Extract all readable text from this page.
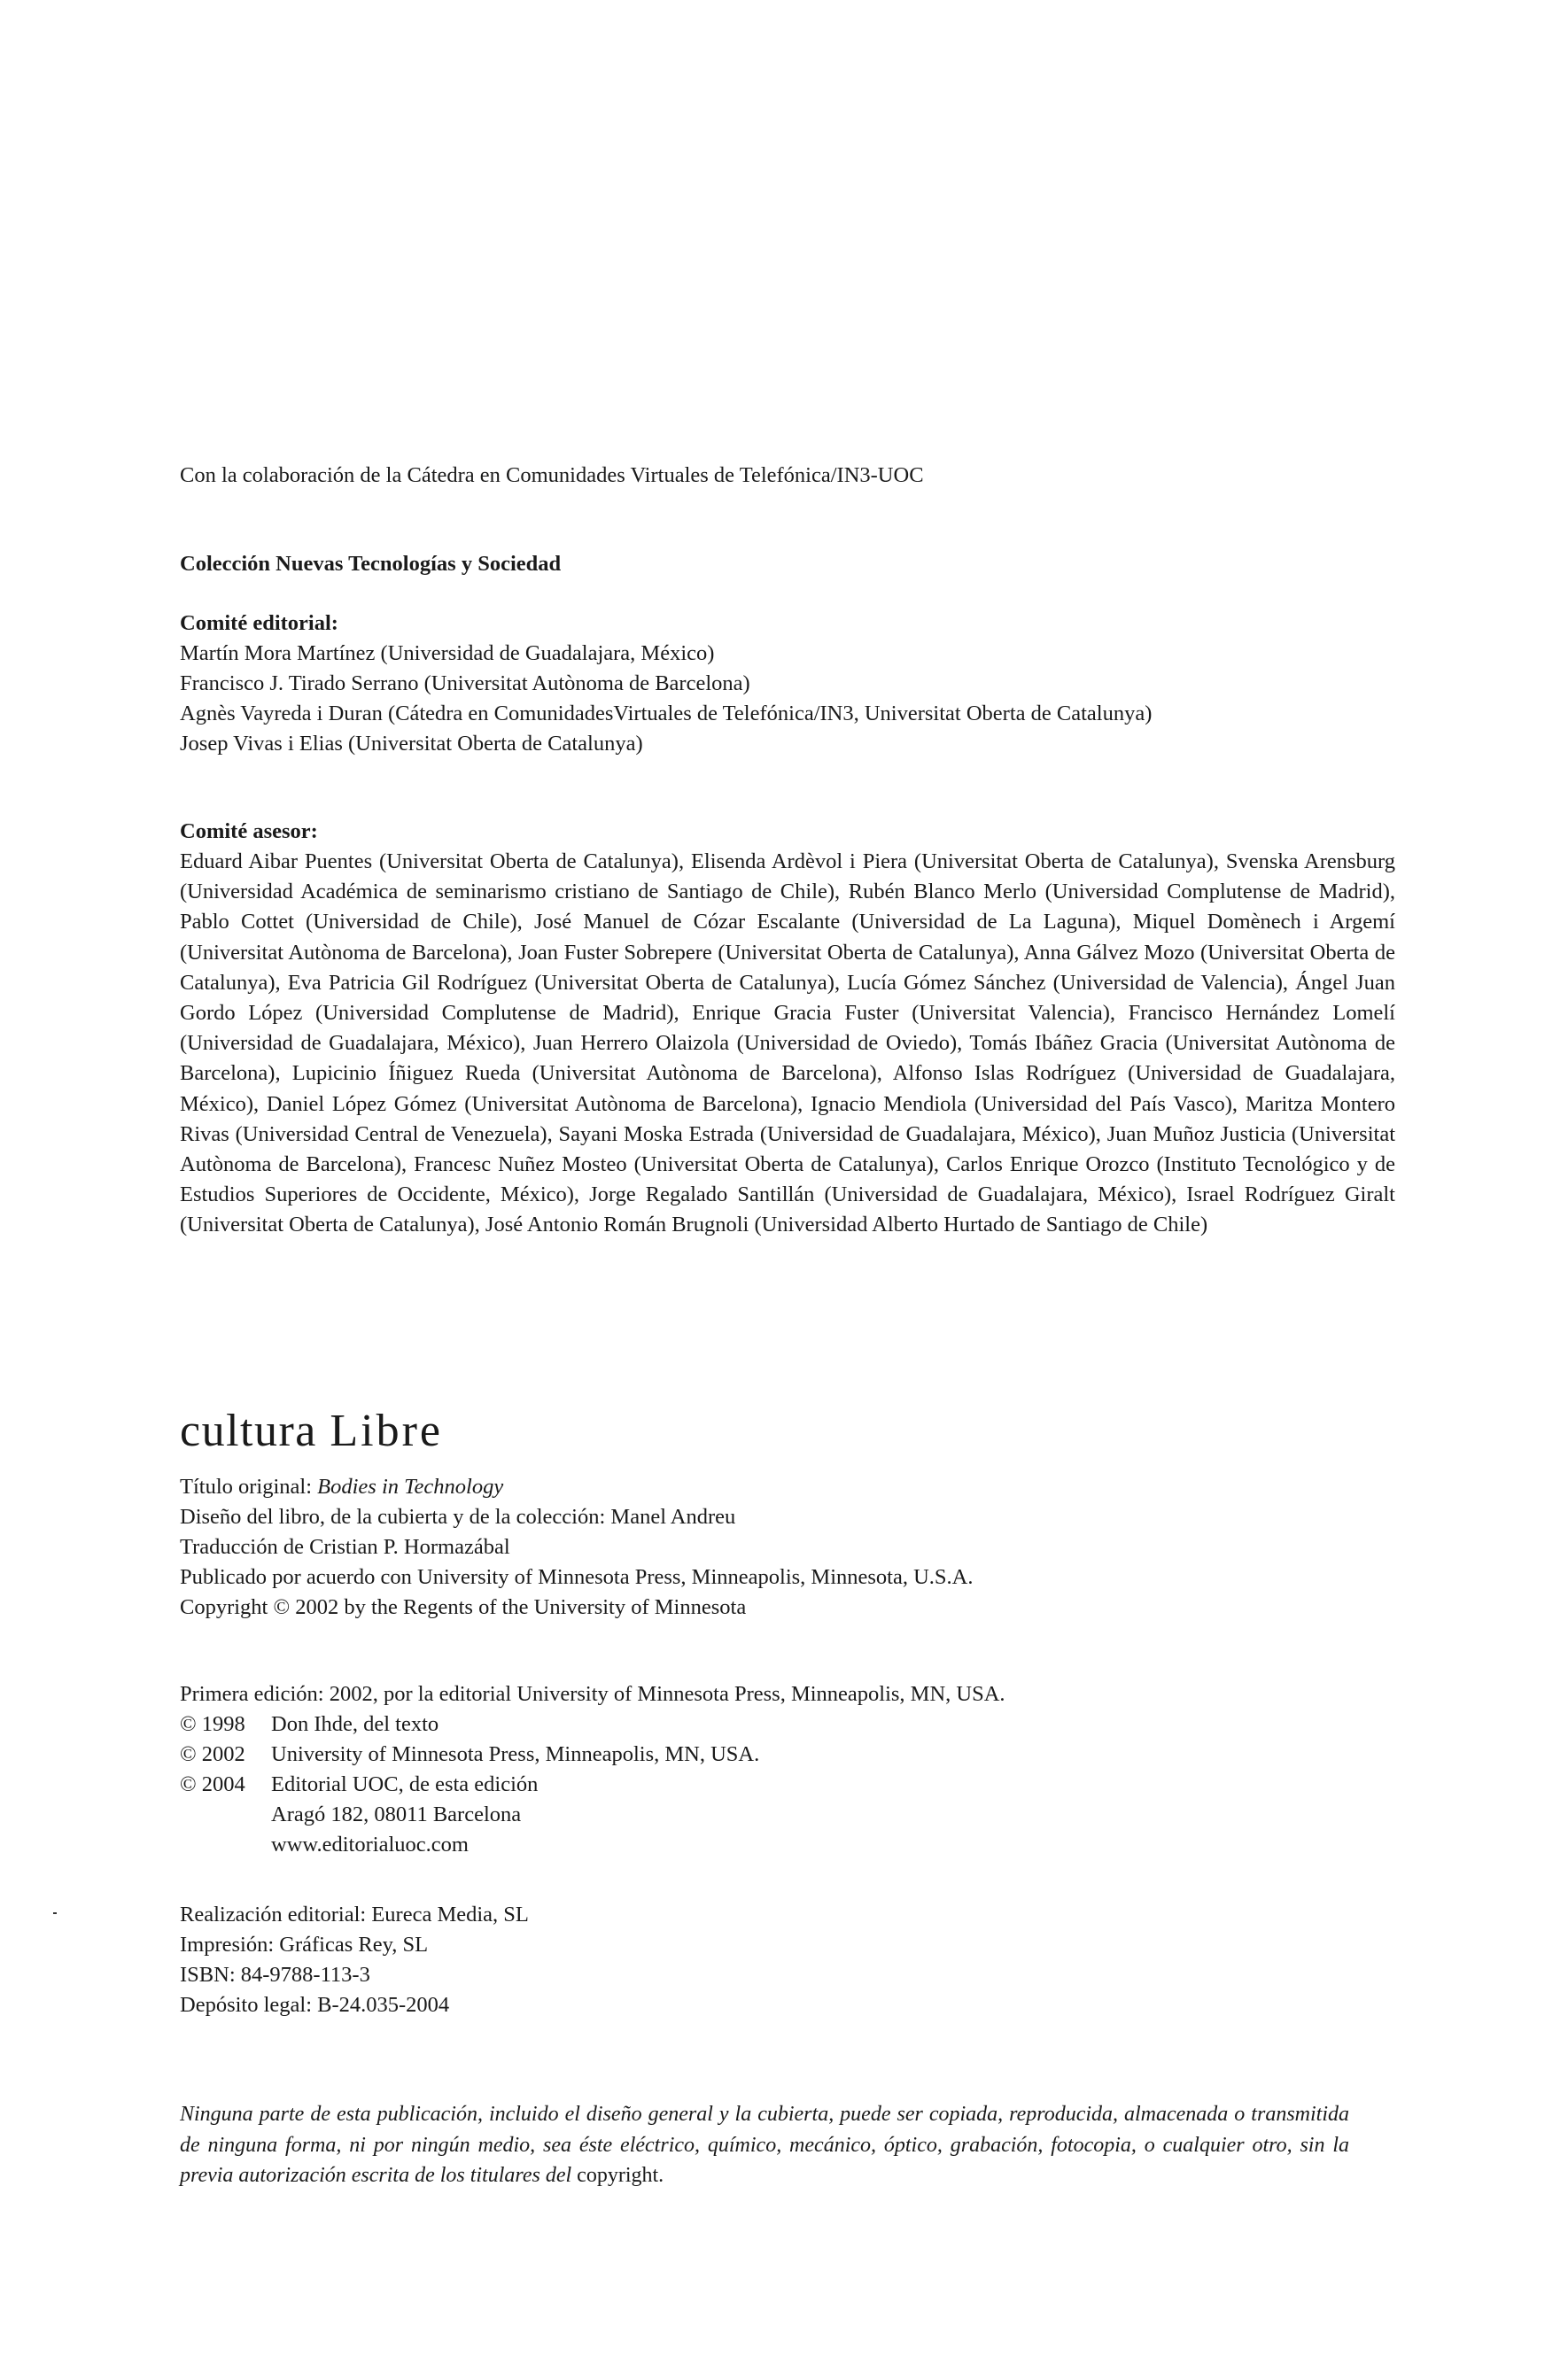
Con la colaboración de la Cátedra en Comunidades Virtuales de Telefónica/IN3-UOC

Colección Nuevas Tecnologías y Sociedad

Comité editorial:
Martín Mora Martínez (Universidad de Guadalajara, México)
Francisco J. Tirado Serrano (Universitat Autònoma de Barcelona)
Agnès Vayreda i Duran (Cátedra en ComunidadesVirtuales de Telefónica/IN3, Universitat Oberta de Catalunya)
Josep Vivas i Elias (Universitat Oberta de Catalunya)
Comité asesor:
Eduard Aibar Puentes (Universitat Oberta de Catalunya), Elisenda Ardèvol i Piera (Universitat Oberta de Catalunya), Svenska Arensburg (Universidad Académica de seminarismo cristiano de Santiago de Chile), Rubén Blanco Merlo (Universidad Complutense de Madrid), Pablo Cottet (Universidad de Chile), José Manuel de Cózar Escalante (Universidad de La Laguna), Miquel Domènech i Argemí (Universitat Autònoma de Barcelona), Joan Fuster Sobrepere (Universitat Oberta de Catalunya), Anna Gálvez Mozo (Universitat Oberta de Catalunya), Eva Patricia Gil Rodríguez (Universitat Oberta de Catalunya), Lucía Gómez Sánchez (Universidad de Valencia), Ángel Juan Gordo López (Universidad Complutense de Madrid), Enrique Gracia Fuster (Universitat Valencia), Francisco Hernández Lomelí (Universidad de Guadalajara, México), Juan Herrero Olaizola (Universidad de Oviedo), Tomás Ibáñez Gracia (Universitat Autònoma de Barcelona), Lupicinio Íñiguez Rueda (Universitat Autònoma de Barcelona), Alfonso Islas Rodríguez (Universidad de Guadalajara, México), Daniel López Gómez (Universitat Autònoma de Barcelona), Ignacio Mendiola (Universidad del País Vasco), Maritza Montero Rivas (Universidad Central de Venezuela), Sayani Moska Estrada (Universidad de Guadalajara, México), Juan Muñoz Justicia (Universitat Autònoma de Barcelona), Francesc Nuñez Mosteo (Universitat Oberta de Catalunya), Carlos Enrique Orozco (Instituto Tecnológico y de Estudios Superiores de Occidente, México), Jorge Regalado Santillán (Universidad de Guadalajara, México), Israel Rodríguez Giralt (Universitat Oberta de Catalunya), José Antonio Román Brugnoli (Universidad Alberto Hurtado de Santiago de Chile)
cultura Libre
Título original: Bodies in Technology
Diseño del libro, de la cubierta y de la colección: Manel Andreu
Traducción de Cristian P. Hormazábal
Publicado por acuerdo con University of Minnesota Press, Minneapolis, Minnesota, U.S.A.
Copyright © 2002 by the Regents of the University of Minnesota
Primera edición: 2002, por la editorial University of Minnesota Press, Minneapolis, MN, USA.
© 1998	Don Ihde, del texto
© 2002	University of Minnesota Press, Minneapolis, MN, USA.
© 2004	Editorial UOC, de esta edición
Aragó 182, 08011 Barcelona
www.editorialuoc.com
Realización editorial: Eureca Media, SL
Impresión: Gráficas Rey, SL
ISBN: 84-9788-113-3
Depósito legal: B-24.035-2004

Ninguna parte de esta publicación, incluido el diseño general y la cubierta, puede ser copiada, reproducida, almacenada o transmitida de ninguna forma, ni por ningún medio, sea éste eléctrico, químico, mecánico, óptico, grabación, fotocopia, o cualquier otro, sin la previa autorización escrita de los titulares del copyright.
